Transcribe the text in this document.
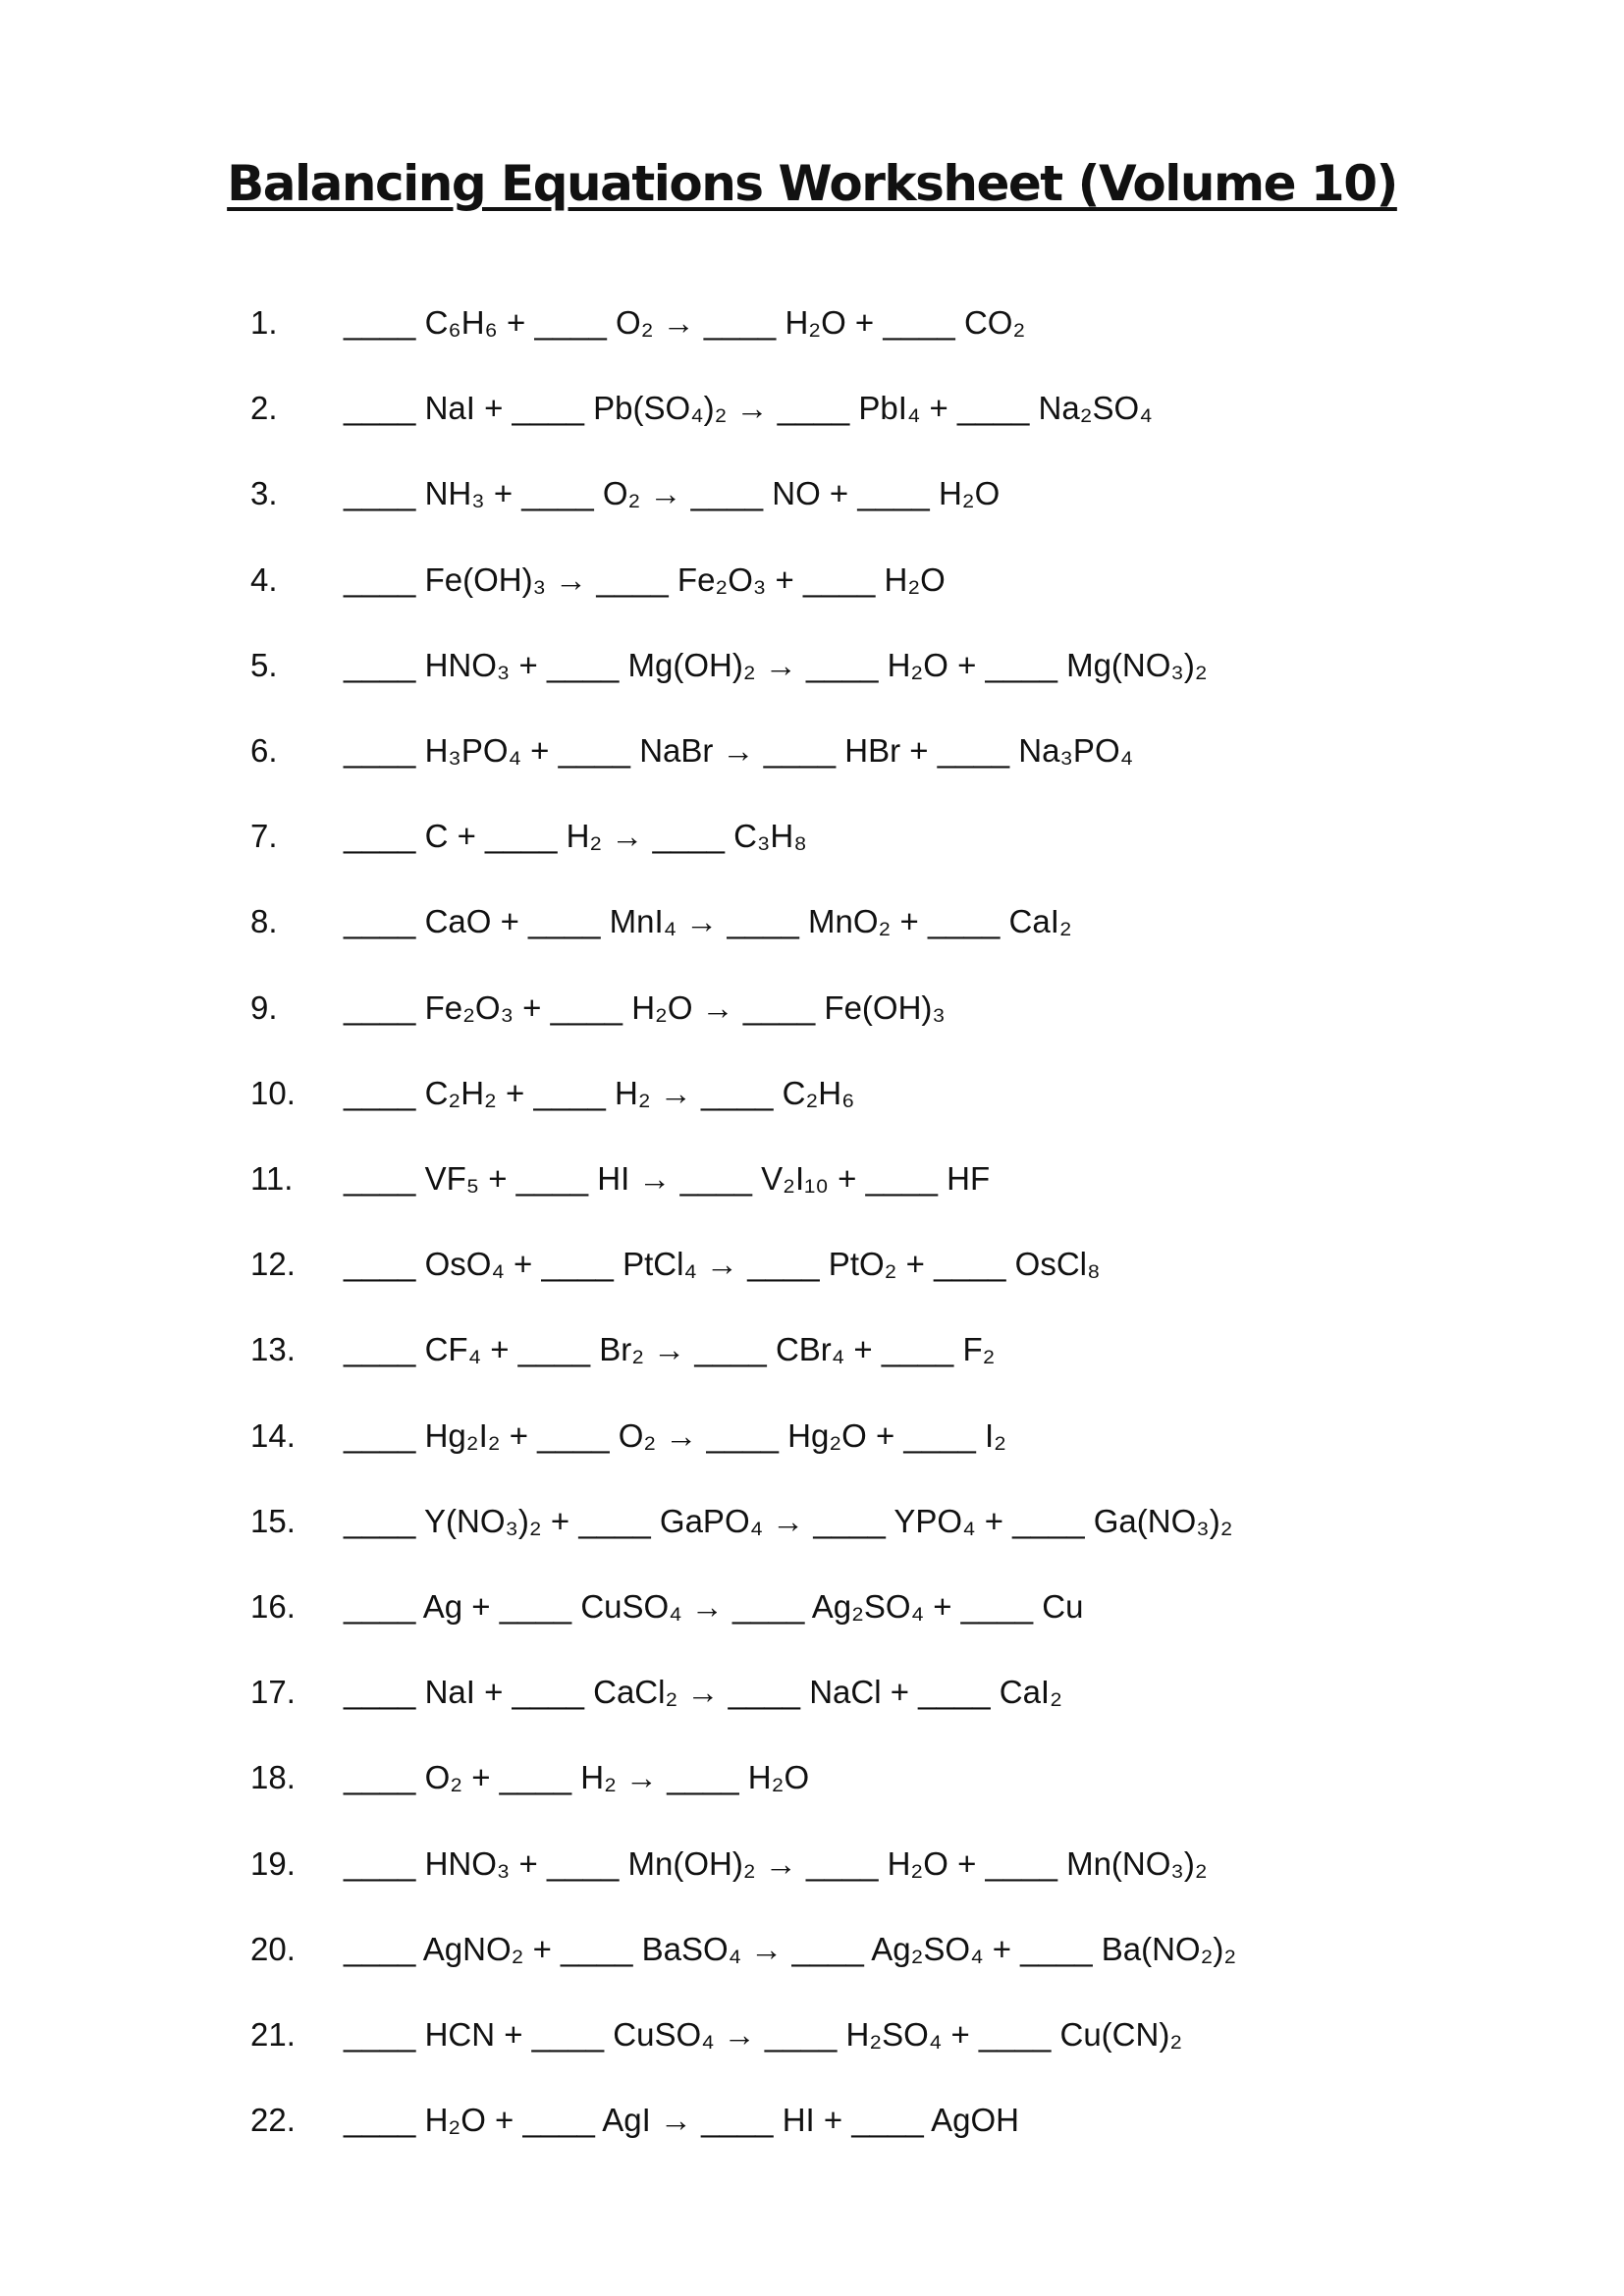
Balancing Equations Worksheet (Volume 10)
1. ____ C₆H₆ + ____ O₂ → ____ H₂O + ____ CO₂
2. ____ NaI + ____ Pb(SO₄)₂ → ____ PbI₄ + ____ Na₂SO₄
3. ____ NH₃ + ____ O₂ → ____ NO + ____ H₂O
4. ____ Fe(OH)₃ → ____ Fe₂O₃ + ____ H₂O
5. ____ HNO₃ + ____ Mg(OH)₂ → ____ H₂O + ____ Mg(NO₃)₂
6. ____ H₃PO₄ + ____ NaBr → ____ HBr + ____ Na₃PO₄
7. ____ C + ____ H₂ → ____ C₃H₈
8. ____ CaO + ____ MnI₄ → ____ MnO₂ + ____ CaI₂
9. ____ Fe₂O₃ + ____ H₂O → ____ Fe(OH)₃
10. ____ C₂H₂ + ____ H₂ → ____ C₂H₆
11. ____ VF₅ + ____ HI → ____ V₂I₁₀ + ____ HF
12. ____ OsO₄ + ____ PtCl₄ → ____ PtO₂ + ____ OsCl₈
13. ____ CF₄ + ____ Br₂ → ____ CBr₄ + ____ F₂
14. ____ Hg₂I₂ + ____ O₂ → ____ Hg₂O + ____ I₂
15. ____ Y(NO₃)₂ + ____ GaPO₄ → ____ YPO₄ + ____ Ga(NO₃)₂
16. ____ Ag + ____ CuSO₄ → ____ Ag₂SO₄ + ____ Cu
17. ____ NaI + ____ CaCl₂ → ____ NaCl + ____ CaI₂
18. ____ O₂ + ____ H₂ → ____ H₂O
19. ____ HNO₃ + ____ Mn(OH)₂ → ____ H₂O + ____ Mn(NO₃)₂
20. ____ AgNO₂ + ____ BaSO₄ → ____ Ag₂SO₄ + ____ Ba(NO₂)₂
21. ____ HCN + ____ CuSO₄ → ____ H₂SO₄ + ____ Cu(CN)₂
22. ____ H₂O + ____ AgI → ____ HI + ____ AgOH
